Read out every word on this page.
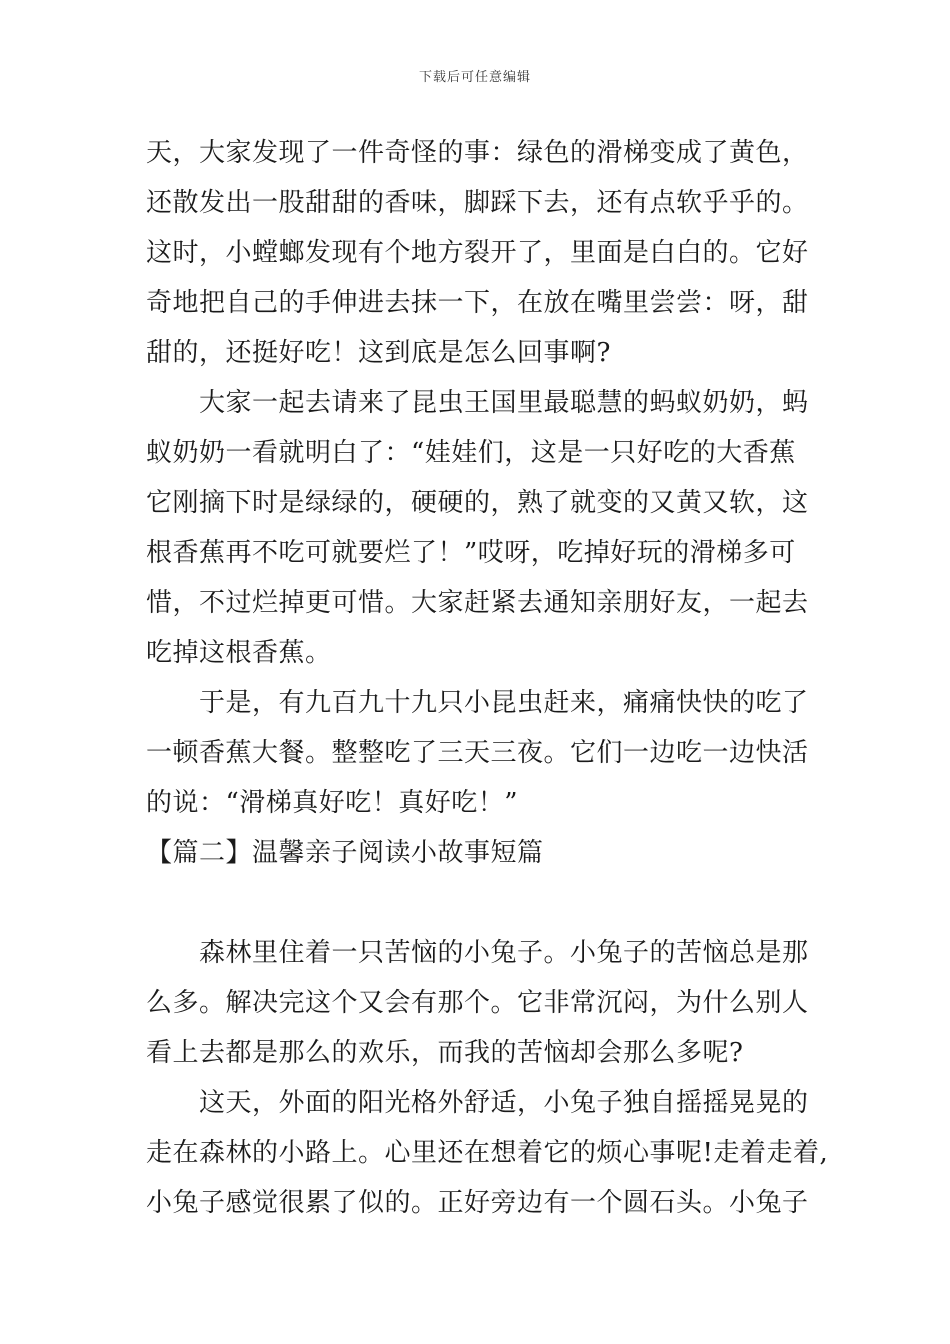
下载后可任意编辑
天，大家发现了一件奇怪的事：绿色的滑梯变成了黄色，
还散发出一股甜甜的香味，脚踩下去，还有点软乎乎的。
这时，小螳螂发现有个地方裂开了，里面是白白的。它好
奇地把自己的手伸进去抹一下，在放在嘴里尝尝：呀，甜
甜的，还挺好吃！这到底是怎么回事啊?
　　大家一起去请来了昆虫王国里最聪慧的蚂蚁奶奶，蚂
蚁奶奶一看就明白了：“娃娃们，这是一只好吃的大香蕉
它刚摘下时是绿绿的，硬硬的，熟了就变的又黄又软，这
根香蕉再不吃可就要烂了！”哎呀，吃掉好玩的滑梯多可
惜，不过烂掉更可惜。大家赶紧去通知亲朋好友，一起去
吃掉这根香蕉。
　　于是，有九百九十九只小昆虫赶来，痛痛快快的吃了
一顿香蕉大餐。整整吃了三天三夜。它们一边吃一边快活
的说：“滑梯真好吃！真好吃！”
【篇二】温馨亲子阅读小故事短篇
　　森林里住着一只苦恼的小兔子。小兔子的苦恼总是那
么多。解决完这个又会有那个。它非常沉闷，为什么别人
看上去都是那么的欢乐，而我的苦恼却会那么多呢?
　　这天，外面的阳光格外舒适，小兔子独自摇摇晃晃的
走在森林的小路上。心里还在想着它的烦心事呢!走着走着,
小兔子感觉很累了似的。正好旁边有一个圆石头。小兔子
